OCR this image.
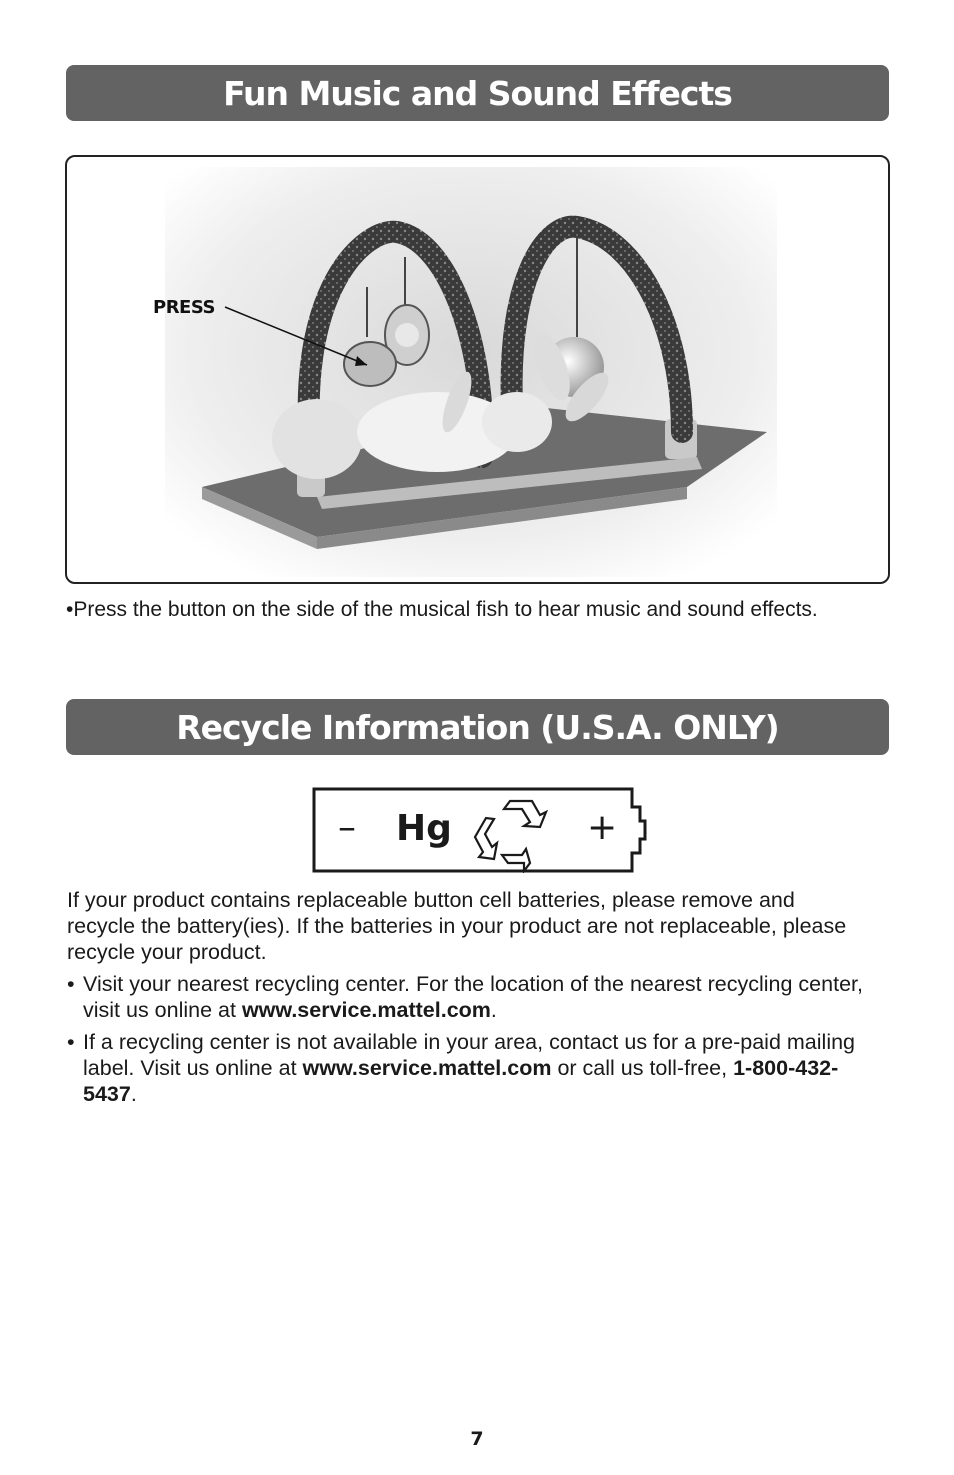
Fun Music and Sound Effects
PRESS
•Press the button on the side of the musical fish to hear music and sound effects.
Recycle Information (U.S.A. ONLY)
– Hg	+

If your product contains replaceable button cell batteries, please remove and recycle the battery(ies). If the batteries in your product are not replaceable, please recycle your product.

• Visit your nearest recycling center. For the location of the nearest recycling center, visit us online at www.service.mattel.com.
• If a recycling center is not available in your area, contact us for a pre-paid mailing label. Visit us online at www.service.mattel.com or call us toll-free, 1-800-432-5437.
7
